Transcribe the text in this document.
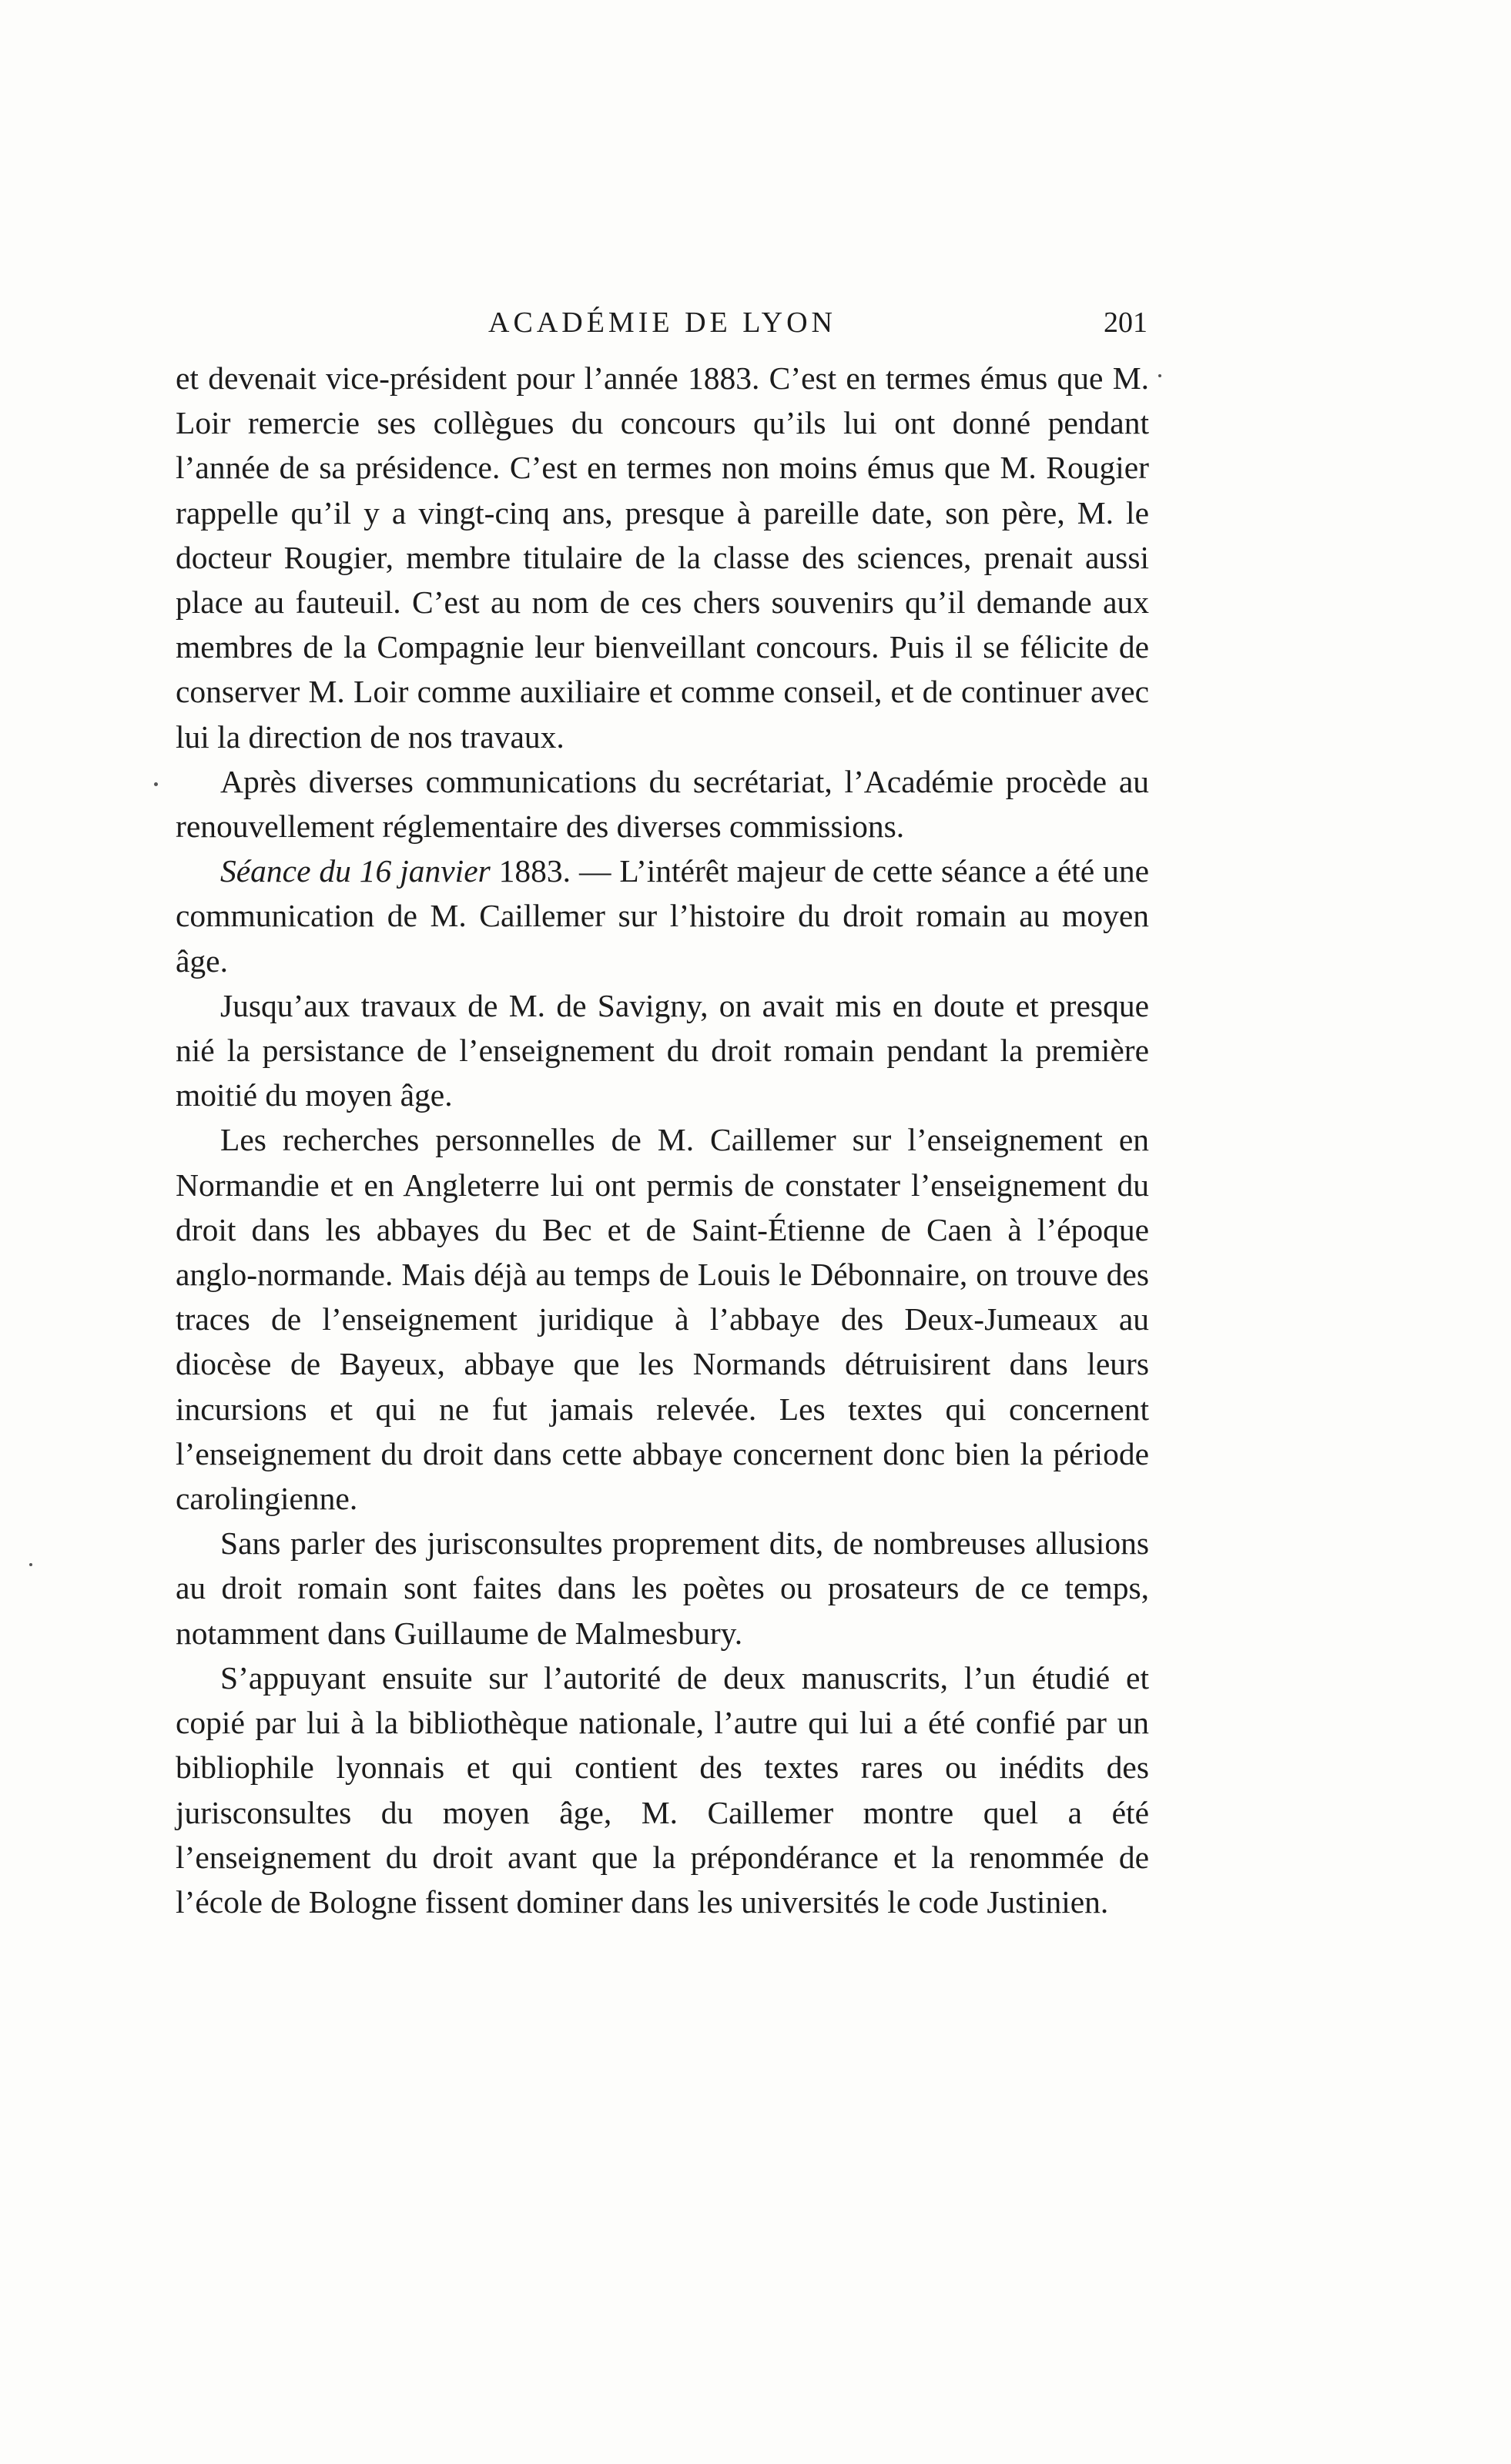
ACADÉMIE DE LYON	201

et devenait vice-président pour l’année 1883. C’est en termes émus que M. Loir remercie ses collègues du concours qu’ils lui ont donné pendant l’année de sa présidence. C’est en termes non moins émus que M. Rougier rappelle qu’il y a vingt-cinq ans, presque à pareille date, son père, M. le docteur Rougier, membre titulaire de la classe des sciences, prenait aussi place au fauteuil. C’est au nom de ces chers souvenirs qu’il demande aux membres de la Compagnie leur bienveillant concours. Puis il se félicite de conserver M. Loir comme auxiliaire et comme conseil, et de continuer avec lui la direction de nos travaux.

Après diverses communications du secrétariat, l’Académie procède au renouvellement réglementaire des diverses commissions.

Séance du 16 janvier 1883. — L’intérêt majeur de cette séance a été une communication de M. Caillemer sur l’histoire du droit romain au moyen âge.

Jusqu’aux travaux de M. de Savigny, on avait mis en doute et presque nié la persistance de l’enseignement du droit romain pendant la première moitié du moyen âge.

Les recherches personnelles de M. Caillemer sur l’enseignement en Normandie et en Angleterre lui ont permis de constater l’enseignement du droit dans les abbayes du Bec et de Saint-Étienne de Caen à l’époque anglo-normande. Mais déjà au temps de Louis le Débonnaire, on trouve des traces de l’enseignement juridique à l’abbaye des Deux-Jumeaux au diocèse de Bayeux, abbaye que les Normands détruisirent dans leurs incursions et qui ne fut jamais relevée. Les textes qui concernent l’enseignement du droit dans cette abbaye concernent donc bien la période carolingienne.

Sans parler des jurisconsultes proprement dits, de nombreuses allusions au droit romain sont faites dans les poètes ou prosateurs de ce temps, notamment dans Guillaume de Malmesbury.

S’appuyant ensuite sur l’autorité de deux manuscrits, l’un étudié et copié par lui à la bibliothèque nationale, l’autre qui lui a été confié par un bibliophile lyonnais et qui contient des textes rares ou inédits des jurisconsultes du moyen âge, M. Caillemer montre quel a été l’enseignement du droit avant que la prépondérance et la renommée de l’école de Bologne fissent dominer dans les universités le code Justinien.
